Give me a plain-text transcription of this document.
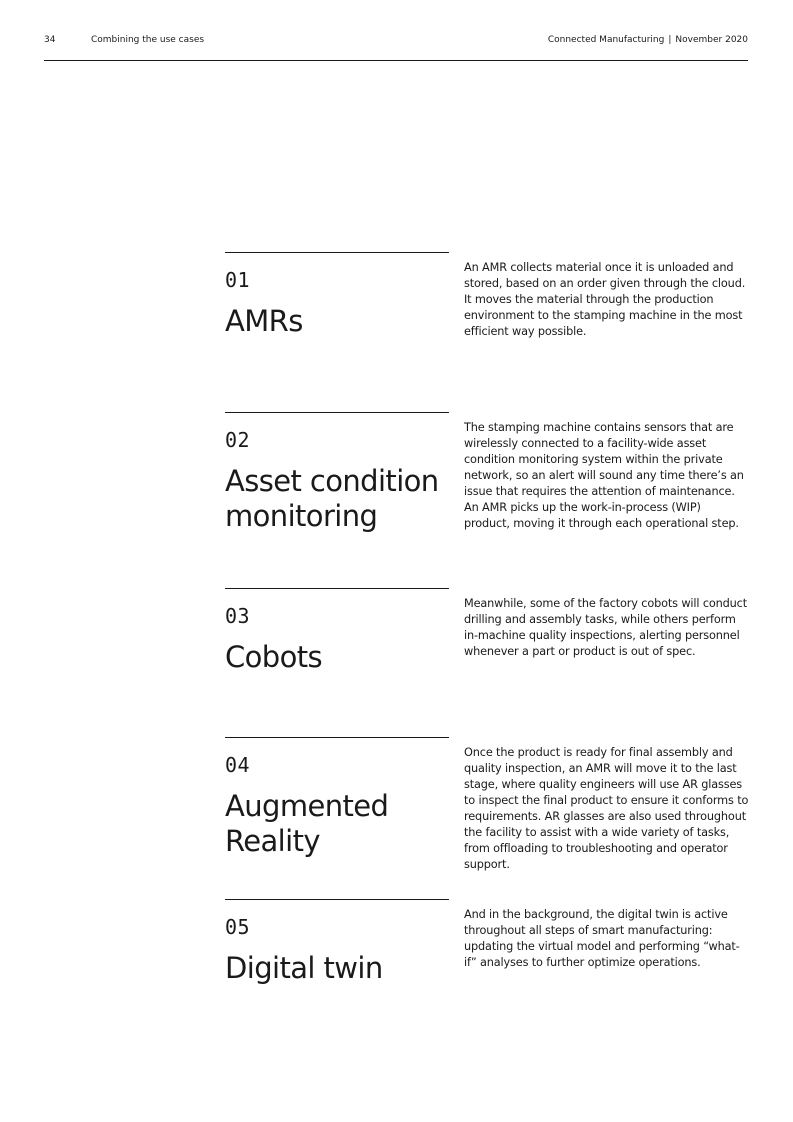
34	Combining the use cases	Connected Manufacturing | November 2020
01
AMRs

An AMR collects material once it is unloaded and stored, based on an order given through the cloud. It moves the material through the production environment to the stamping machine in the most efficient way possible.

02
Asset condition monitoring

The stamping machine contains sensors that are wirelessly connected to a facility-wide asset condition monitoring system within the private network, so an alert will sound any time there’s an issue that requires the attention of maintenance. An AMR picks up the work-in-process (WIP) product, moving it through each operational step.

03
Cobots

Meanwhile, some of the factory cobots will conduct drilling and assembly tasks, while others perform in-machine quality inspections, alerting personnel whenever a part or product is out of spec.

04
Augmented Reality

Once the product is ready for final assembly and quality inspection, an AMR will move it to the last stage, where quality engineers will use AR glasses to inspect the final product to ensure it conforms to requirements. AR glasses are also used throughout the facility to assist with a wide variety of tasks, from offloading to troubleshooting and operator support.

05
Digital twin

And in the background, the digital twin is active throughout all steps of smart manufacturing: updating the virtual model and performing “what-if” analyses to further optimize operations.
